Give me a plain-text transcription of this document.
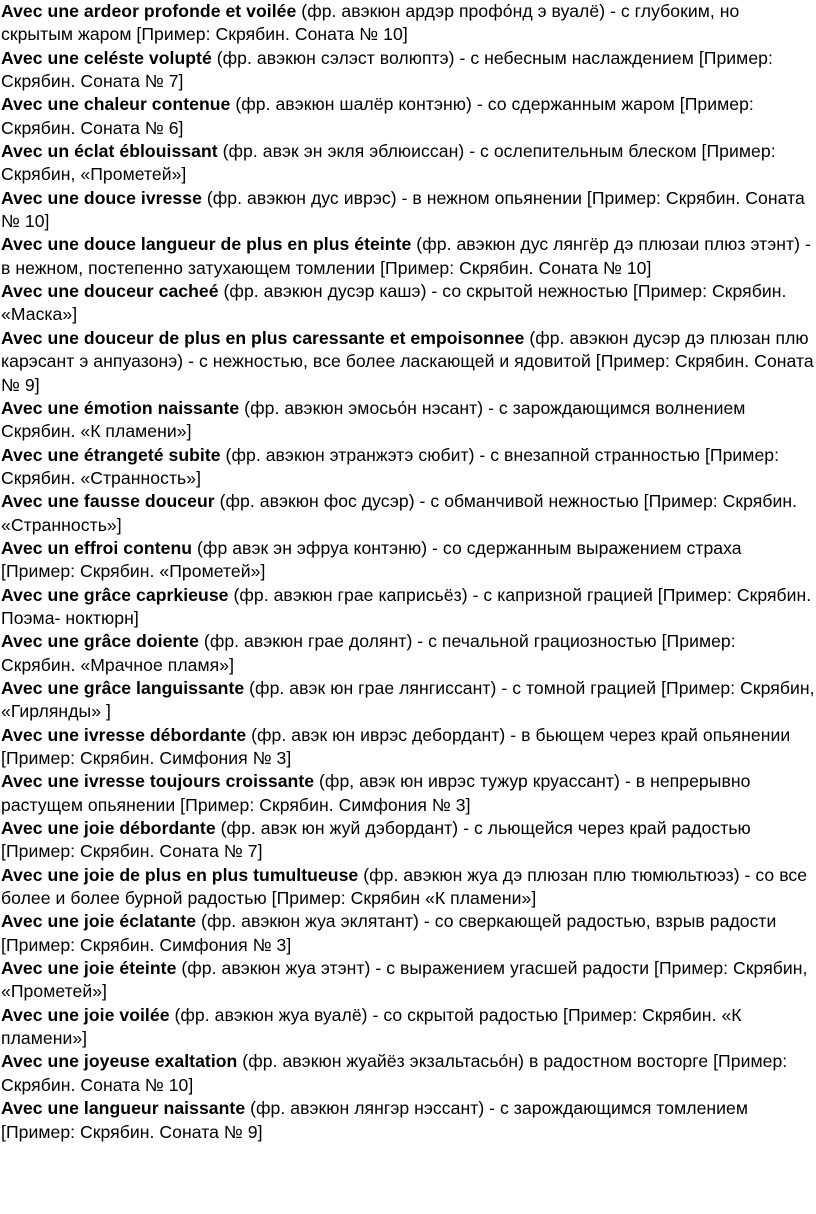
Avec une ardeor profonde et voilée (фр. авэкюн ардэр профо́нд э вуалё) - с глубоким, но скрытым жаром [Пример: Скрябин. Соната № 10]

Avec une celéste volupté (фр. авэкюн сэлэст волюптэ) - с небесным наслаждением [Пример: Скрябин. Соната № 7]

Avec une chaleur contenue (фр. авэкюн шалёр контэню) - со сдержанным жаром [Пример: Скрябин. Соната № 6]

Avec un éclat éblouissant (фр. авэк эн экля эблюиссан) - с ослепительным блеском [Пример: Скрябин, «Прометей»]

Avec une douce ivresse (фр. авэкюн дус иврэс) - в нежном опьянении [Пример: Скрябин. Соната № 10]

Avec une douce langueur de plus en plus éteinte (фр. авэкюн дус лянгёр дэ плюзаи плюз этэнт) - в нежном, постепенно затухающем томлении [Пример: Скрябин. Соната № 10]

Avec une douceur cacheé (фр. авэкюн дусэр кашэ) - со скрытой нежностью [Пример: Скрябин. «Маска»]

Avec une douceur de plus en plus caressante et empoisonnee (фр. авэкюн дусэр дэ плюзан плю карэсант э анпуазонэ) - с нежностью, все более ласкающей и ядовитой [Пример: Скрябин. Соната № 9]

Avec une émotion naissante (фр. авэкюн эмосьо́н нэсант) - с зарождающимся волнением Скрябин. «К пламени»]

Avec une étrangeté subite (фр. авэкюн этранжэтэ сюбит) - с внезапной странностью [Пример: Скрябин. «Странность»]

Avec une fausse douceur (фр. авэкюн фос дусэр) - с обманчивой нежностью [Пример: Скрябин. «Странность»]

Avec un effroi contenu (фр авэк эн эфруа контэню) - со сдержанным выражением страха [Пример: Скрябин. «Прометей»]

Avec une grâce caprkieuse (фр. авэкюн грае каприсьёз) - с капризной грацией [Пример: Скрябин. Поэма- ноктюрн]

Avec une grâce doiente (фр. авэкюн грае долянт) - с печальной грациозностью [Пример: Скрябин. «Мрачное пламя»]

Avec une grâce languissante (фр. авэк юн грае лянгиссант) - с томной грацией [Пример: Скрябин, «Гирлянды» ]

Avec une ivresse débordante (фр. авэк юн иврэс дебордант) - в бьющем через край опьянении [Пример: Скрябин. Симфония № 3]

Avec une ivresse toujours croissante (фр, авэк юн иврэс тужур круассант) - в непрерывно растущем опьянении [Пример: Скрябин. Симфония № 3]

Avec une joie débordante (фр. авэк юн жуй дэбордант) - с льющейся через край радостью [Пример: Скрябин. Соната № 7]

Avec une joie de plus en plus tumultueuse (фр. авэкюн жуа дэ плюзан плю тюмюльтюэз) - со все более и более бурной радостью [Пример: Скрябин «К пламени»]

Avec une joie éclatante (фр. авэкюн жуа эклятант) - со сверкающей радостью, взрыв радости [Пример: Скрябин. Симфония № 3]

Avec une joie éteinte (фр. авэкюн жуа этэнт) - с выражением угасшей радости [Пример: Скрябин, «Прометей»]

Avec une joie voilée (фр. авэкюн жуа вуалё) - со скрытой радостью [Пример: Скрябин. «К пламени»]

Avec une joyeuse exaltation (фр. авэкюн жуайёз экзальтасьо́н) в радостном восторге [Пример: Скрябин. Соната № 10]

Avec une langueur naissante (фр. авэкюн лянгэр нэссант) - с зарождающимся томлением [Пример: Скрябин. Соната № 9]
